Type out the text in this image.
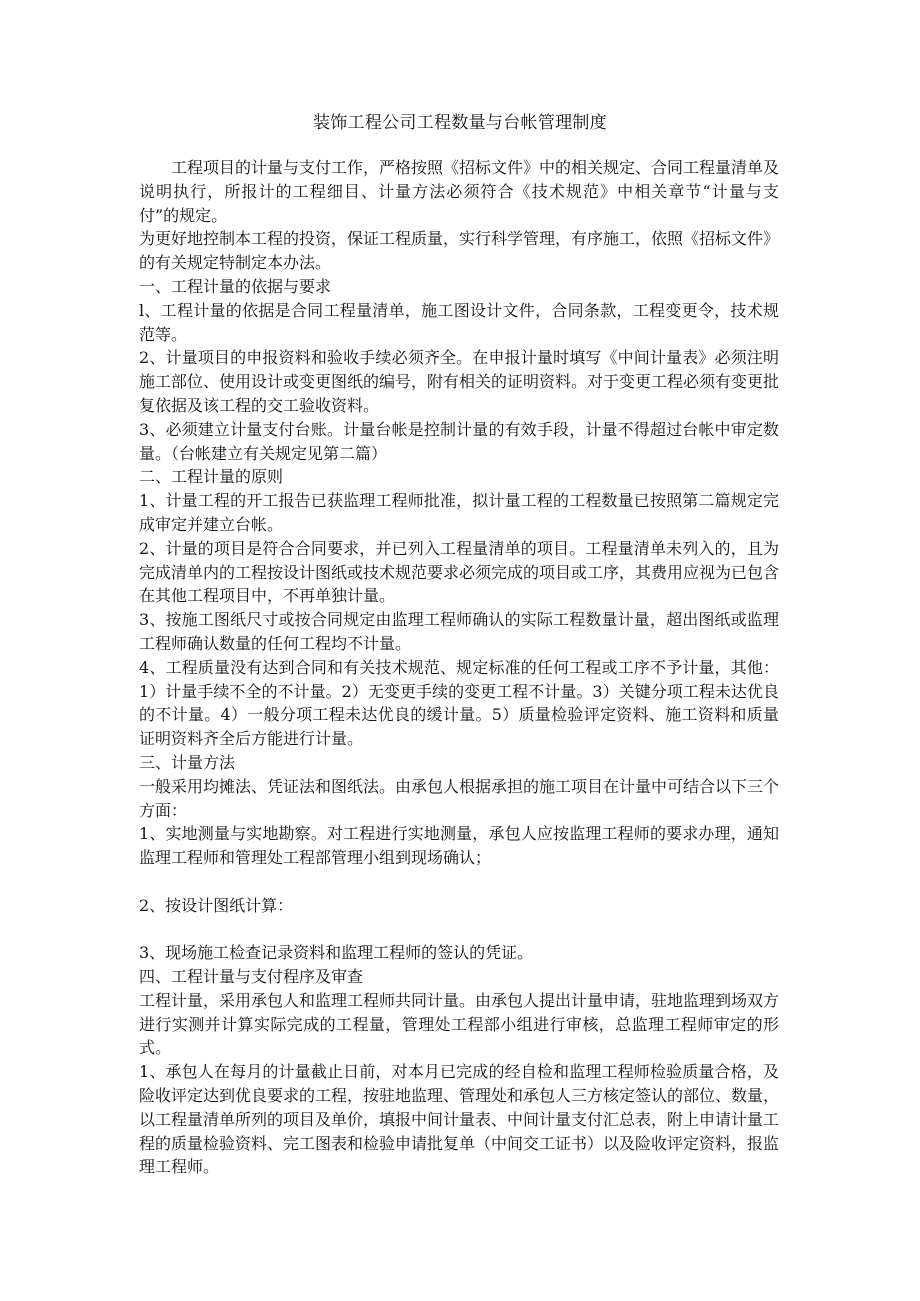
装饰工程公司工程数量与台帐管理制度

工程项目的计量与支付工作，严格按照《招标文件》中的相关规定、合同工程量清单及说明执行，所报计的工程细目、计量方法必须符合《技术规范》中相关章节“计量与支付”的规定。

为更好地控制本工程的投资，保证工程质量，实行科学管理，有序施工，依照《招标文件》的有关规定特制定本办法。

一、工程计量的依据与要求

l、工程计量的依据是合同工程量清单，施工图设计文件，合同条款，工程变更令，技术规范等。

2、计量项目的申报资料和验收手续必须齐全。在申报计量时填写《中间计量表》必须注明施工部位、使用设计或变更图纸的编号，附有相关的证明资料。对于变更工程必须有变更批复依据及该工程的交工验收资料。

3、必须建立计量支付台账。计量台帐是控制计量的有效手段，计量不得超过台帐中审定数量。（台帐建立有关规定见第二篇）

二、工程计量的原则

1、计量工程的开工报告已获监理工程师批准，拟计量工程的工程数量已按照第二篇规定完成审定并建立台帐。

2、计量的项目是符合合同要求，并已列入工程量清单的项目。工程量清单未列入的，且为完成清单内的工程按设计图纸或技术规范要求必须完成的项目或工序，其费用应视为已包含在其他工程项目中，不再单独计量。

3、按施工图纸尺寸或按合同规定由监理工程师确认的实际工程数量计量，超出图纸或监理工程师确认数量的任何工程均不计量。

4、工程质量没有达到合同和有关技术规范、规定标准的任何工程或工序不予计量，其他：1）计量手续不全的不计量。2）无变更手续的变更工程不计量。3）关键分项工程未达优良的不计量。4）一般分项工程未达优良的缓计量。5）质量检验评定资料、施工资料和质量证明资料齐全后方能进行计量。

三、计量方法

一般采用均摊法、凭证法和图纸法。由承包人根据承担的施工项目在计量中可结合以下三个方面：

1、实地测量与实地勘察。对工程进行实地测量，承包人应按监理工程师的要求办理，通知监理工程师和管理处工程部管理小组到现场确认；

2、按设计图纸计算：

3、现场施工检查记录资料和监理工程师的签认的凭证。

四、工程计量与支付程序及审查

工程计量，采用承包人和监理工程师共同计量。由承包人提出计量申请，驻地监理到场双方进行实测并计算实际完成的工程量，管理处工程部小组进行审核，总监理工程师审定的形式。

1、承包人在每月的计量截止日前，对本月已完成的经自检和监理工程师检验质量合格，及险收评定达到优良要求的工程，按驻地监理、管理处和承包人三方核定签认的部位、数量，以工程量清单所列的项目及单价，填报中间计量表、中间计量支付汇总表，附上申请计量工程的质量检验资料、完工图表和检验申请批复单（中间交工证书）以及险收评定资料，报监理工程师。
